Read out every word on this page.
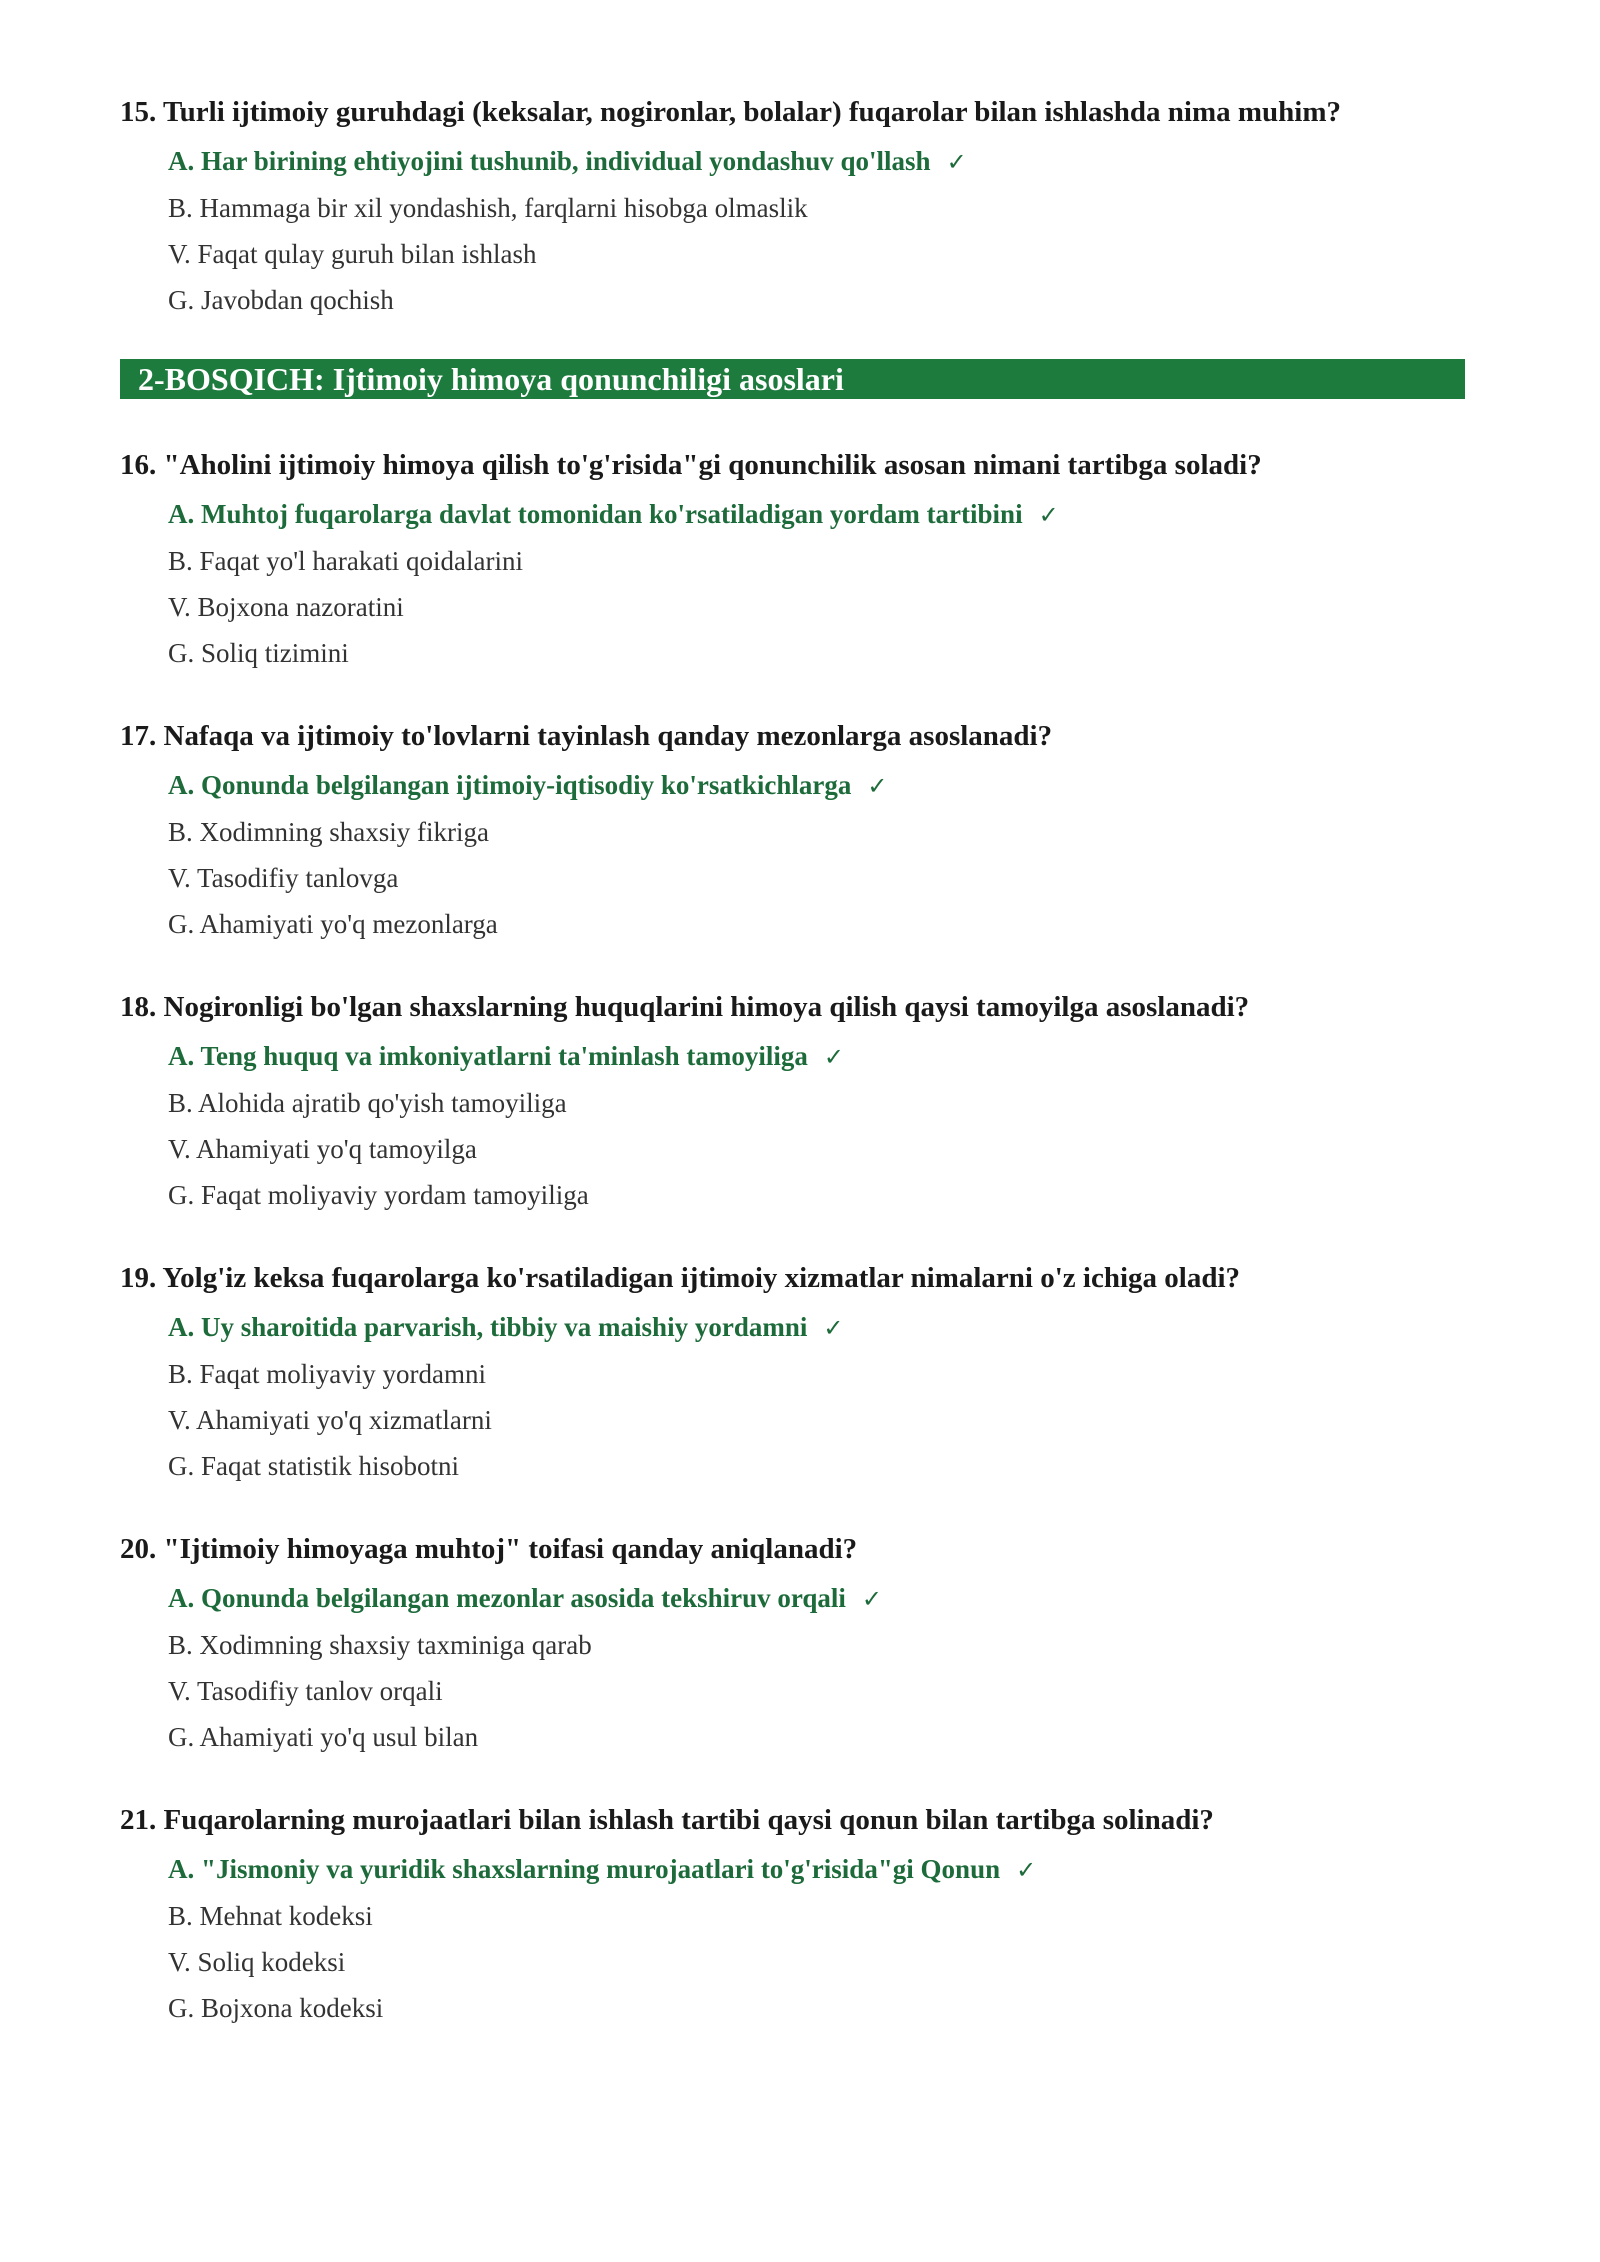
15. Turli ijtimoiy guruhdagi (keksalar, nogironlar, bolalar) fuqarolar bilan ishlashda nima muhim?
A. Har birining ehtiyojini tushunib, individual yondashuv qo'llash ✓
B. Hammaga bir xil yondashish, farqlarni hisobga olmaslik
V. Faqat qulay guruh bilan ishlash
G. Javobdan qochish
2-BOSQICH: Ijtimoiy himoya qonunchiligi asoslari
16. "Aholini ijtimoiy himoya qilish to'g'risida"gi qonunchilik asosan nimani tartibga soladi?
A. Muhtoj fuqarolarga davlat tomonidan ko'rsatiladigan yordam tartibini ✓
B. Faqat yo'l harakati qoidalarini
V. Bojxona nazoratini
G. Soliq tizimini
17. Nafaqa va ijtimoiy to'lovlarni tayinlash qanday mezonlarga asoslanadi?
A. Qonunda belgilangan ijtimoiy-iqtisodiy ko'rsatkichlarga ✓
B. Xodimning shaxsiy fikriga
V. Tasodifiy tanlovga
G. Ahamiyati yo'q mezonlarga
18. Nogironligi bo'lgan shaxslarning huquqlarini himoya qilish qaysi tamoyilga asoslanadi?
A. Teng huquq va imkoniyatlarni ta'minlash tamoyiliga ✓
B. Alohida ajratib qo'yish tamoyiliga
V. Ahamiyati yo'q tamoyilga
G. Faqat moliyaviy yordam tamoyiliga
19. Yolg'iz keksa fuqarolarga ko'rsatiladigan ijtimoiy xizmatlar nimalarni o'z ichiga oladi?
A. Uy sharoitida parvarish, tibbiy va maishiy yordamni ✓
B. Faqat moliyaviy yordamni
V. Ahamiyati yo'q xizmatlarni
G. Faqat statistik hisobotni
20. "Ijtimoiy himoyaga muhtoj" toifasi qanday aniqlanadi?
A. Qonunda belgilangan mezonlar asosida tekshiruv orqali ✓
B. Xodimning shaxsiy taxminiga qarab
V. Tasodifiy tanlov orqali
G. Ahamiyati yo'q usul bilan
21. Fuqarolarning murojaatlari bilan ishlash tartibi qaysi qonun bilan tartibga solinadi?
A. "Jismoniy va yuridik shaxslarning murojaatlari to'g'risida"gi Qonun ✓
B. Mehnat kodeksi
V. Soliq kodeksi
G. Bojxona kodeksi
